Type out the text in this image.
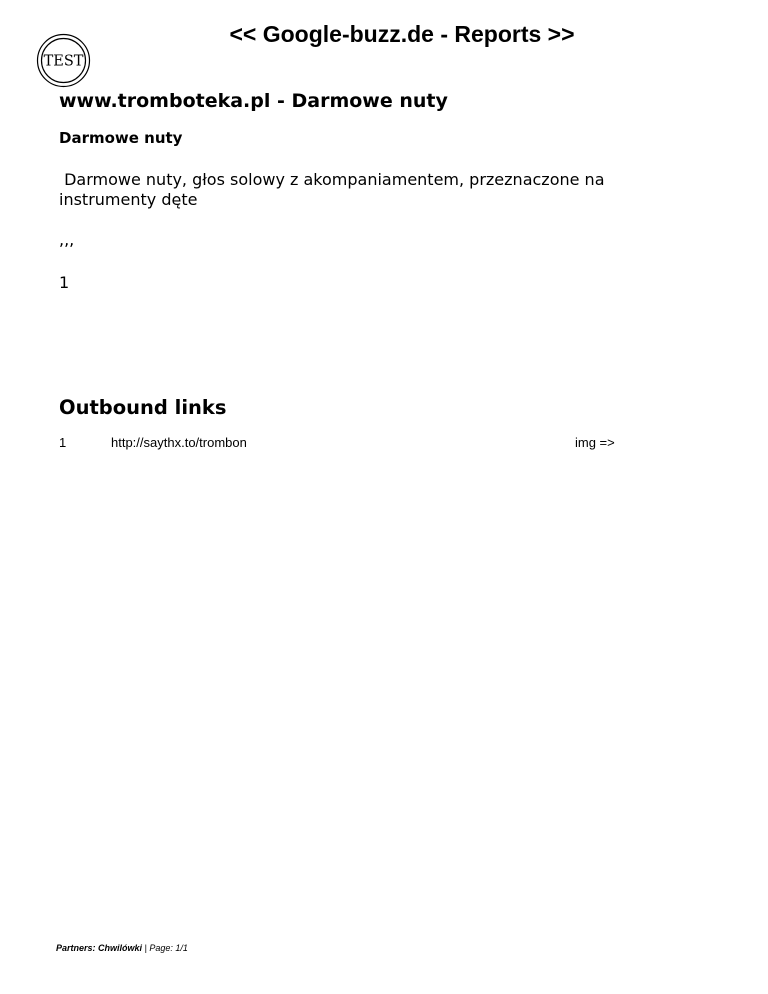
<< Google-buzz.de - Reports >>
TEST
www.tromboteka.pl - Darmowe nuty
Darmowe nuty

Darmowe nuty, głos solowy z akompaniamentem, przeznaczone na instrumenty dęte

,,,

1

Outbound links
1	http://saythx.to/trombon	img =>
Partners: Chwilówki | Page: 1/1
